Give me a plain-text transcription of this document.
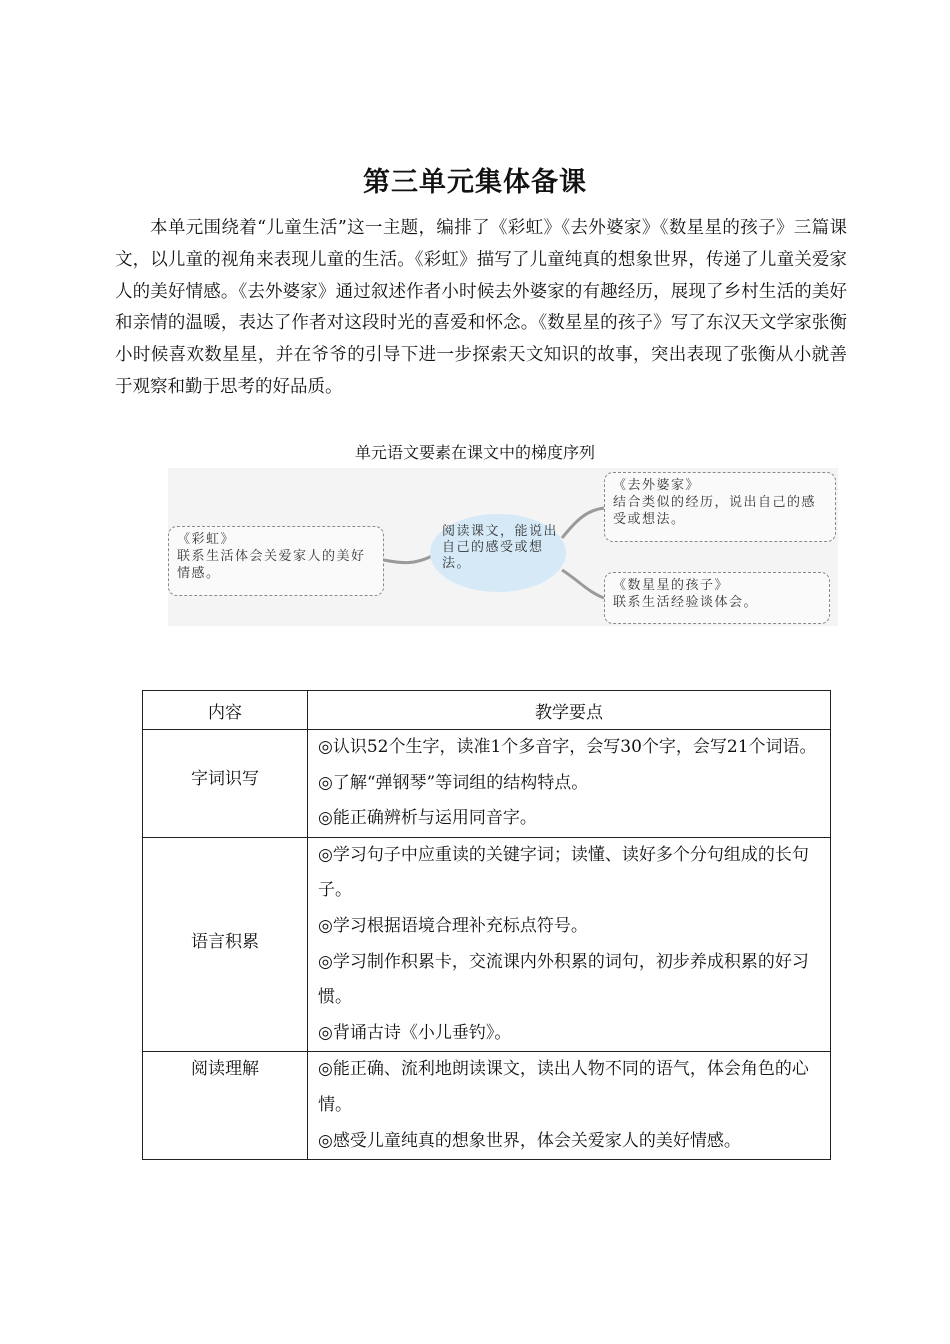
第三单元集体备课

本单元围绕着“儿童生活”这一主题，编排了《彩虹》《去外婆家》《数星星的孩子》三篇课文，以儿童的视角来表现儿童的生活。《彩虹》描写了儿童纯真的想象世界，传递了儿童关爱家人的美好情感。《去外婆家》通过叙述作者小时候去外婆家的有趣经历，展现了乡村生活的美好和亲情的温暖，表达了作者对这段时光的喜爱和怀念。《数星星的孩子》写了东汉天文学家张衡小时候喜欢数星星，并在爷爷的引导下进一步探索天文知识的故事，突出表现了张衡从小就善于观察和勤于思考的好品质。

单元语文要素在课文中的梯度序列
阅读课文，能说出自己的感受或想法。
《彩虹》
联系生活体会关爱家人的美好情感。
《去外婆家》
结合类似的经历，说出自己的感受或想法。
《数星星的孩子》
联系生活经验谈体会。
内容	教学要点
字词识写	◎认识52个生字，读准1个多音字，会写30个字，会写21个词语。
◎了解“弹钢琴”等词组的结构特点。
◎能正确辨析与运用同音字。

语言积累	◎学习句子中应重读的关键字词；读懂、读好多个分句组成的长句子。
◎学习根据语境合理补充标点符号。
◎学习制作积累卡，交流课内外积累的词句，初步养成积累的好习惯。
◎背诵古诗《小儿垂钓》。

阅读理解	◎能正确、流利地朗读课文，读出人物不同的语气，体会角色的心情。
◎感受儿童纯真的想象世界，体会关爱家人的美好情感。
